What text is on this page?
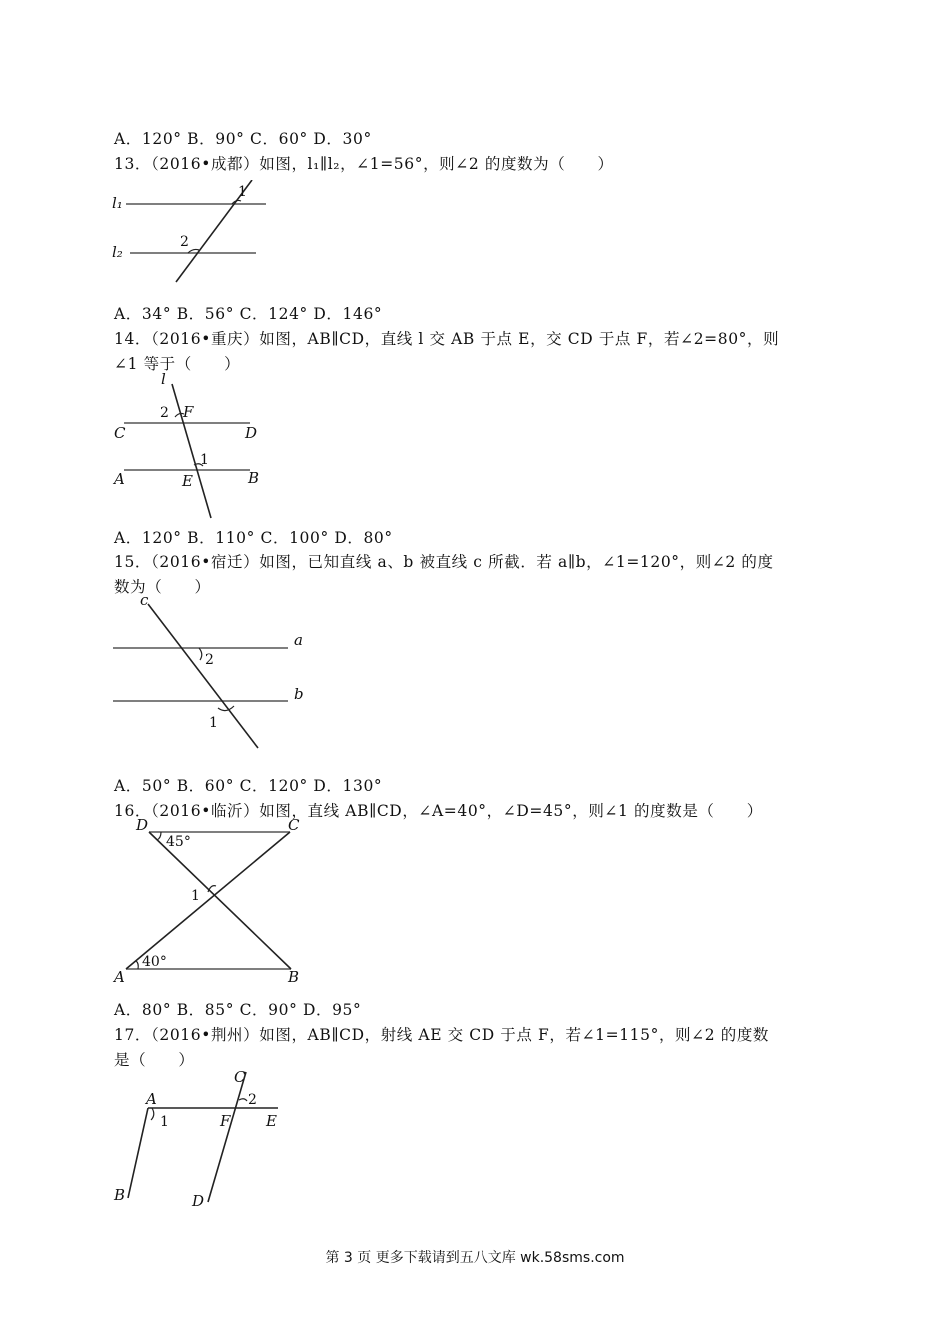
A．120° B．90° C．60° D．30°
13．（2016•成都）如图，l₁∥l₂，∠1=56°，则∠2 的度数为（　　）
l₁
l₂
1
2
A．34° B．56° C．124° D．146°
14．（2016•重庆）如图，AB∥CD，直线 l 交 AB 于点 E，交 CD 于点 F，若∠2=80°，则
∠1 等于（　　）
l
2 F
C	D
1
A	E	B
A．120° B．110° C．100° D．80°
15．（2016•宿迁）如图，已知直线 a、b 被直线 c 所截．若 a∥b，∠1=120°，则∠2 的度
数为（　　）
c
a
2
b
1
A．50° B．60° C．120° D．130°
16．（2016•临沂）如图，直线 AB∥CD，∠A=40°，∠D=45°，则∠1 的度数是（　　）
D	C
45°
1
A
40°
B
A．80° B．85° C．90° D．95°
17．（2016•荆州）如图，AB∥CD，射线 AE 交 CD 于点 F，若∠1=115°，则∠2 的度数
是（　　）
C
A	2
F E
1
B	D
第 3 页 更多下载请到五八文库 wk.58sms.com
